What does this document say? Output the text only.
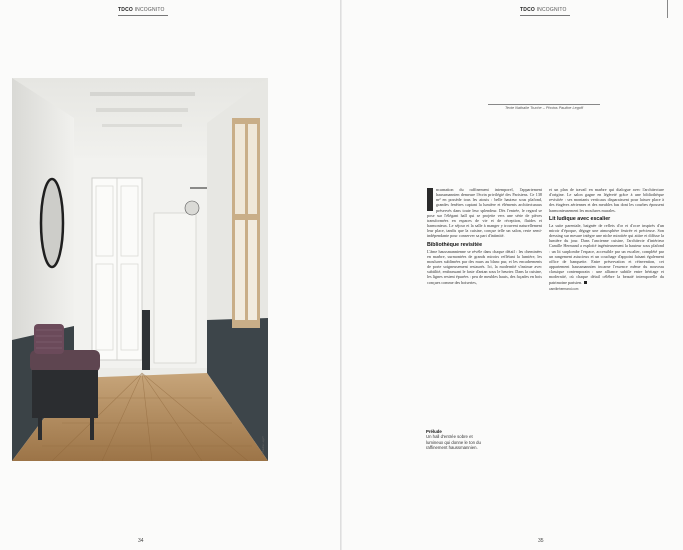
TDCO INCOGNITO
© Pauline Legoff
34
TDCO INCOGNITO
Texte Nathalie Truche – Photos Pauline Legoff

ncarnation du raffinement intemporel, l'appartement haussmannien demeure l'écrin privilégié des Parisiens. Ce 138 m² en possède tous les atouts : belle hauteur sous plafond, grandes fenêtres captant la lumière et éléments architecturaux préservés dans toute leur splendeur. Dès l'entrée, le regard se pose sur l'élégant hall qui se projette vers une série de pièces transformées en espaces de vie et de réception, fluides et harmonieux. Le séjour et la salle à manger y trouvent naturellement leur place, tandis que la cuisine, conçue telle un salon, reste semi-indépendante pour conserver sa part d'intimité.

Bibliothèque revisitée

L'âme haussmannienne se révèle dans chaque détail : les cheminées en marbre, surmontées de grands miroirs reflétant la lumière, les moulures sublimées par des murs au blanc pur, et les encadrements de porte soigneusement restaurés. Ici, la modernité s'insinue avec subtilité, embrassant le faste d'antan sous le heurter. Dans la cuisine, les lignes restent épurées : peu de meubles hauts, des façades en bois conçues comme des boiseries,

et un plan de travail en marbre qui dialogue avec l'architecture d'origine. Le salon gagne en légèreté grâce à une bibliothèque revisitée : ses montants verticaux disparaissent pour laisser place à des étagères aériennes et des meubles bas dont les courbes épousent harmonieusement les moulures murales.

Lit ludique avec escalier

La suite parentale, baignée de reflets d'or et d'ocre inspirés d'un miroir d'époque, dégage une atmosphère feutrée et précieuse. Son dressing sur mesure intègre une niche miroitée qui attire et diffuse la lumière du jour. Dans l'ancienne cuisine, l'architecte d'intérieur Camille Hermand a exploité ingénieusement la hauteur sous plafond : un lit surplombe l'espace, accessible par un escalier, complété par un rangement astucieux et un couchage d'appoint faisant également office de banquette. Entre préservation et réinvention, cet appartement haussmannien incarne l'essence même du nouveau classique contemporain : une alliance subtile entre héritage et modernité, où chaque détail célèbre la beauté intemporelle du patrimoine parisien.

camillehermand.com
Prélude
Un hall d'entrée sobre et lumineux qui donne le ton du raffinement haussmannien.
35
